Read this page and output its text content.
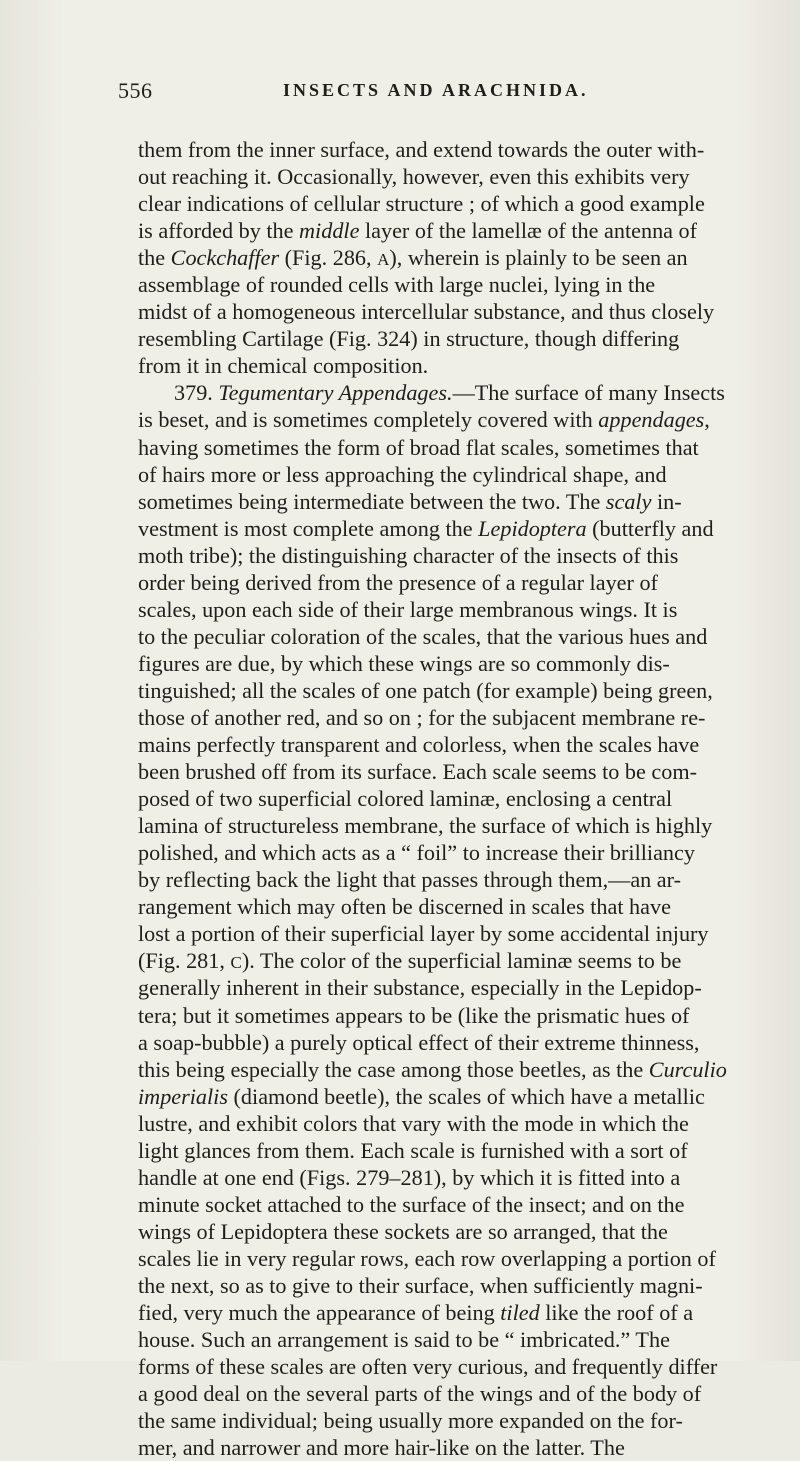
556	INSECTS AND ARACHNIDA.
them from the inner surface, and extend towards the outer with-
out reaching it. Occasionally, however, even this exhibits very
clear indications of cellular structure ; of which a good example
is afforded by the middle layer of the lamellæ of the antenna of
the Cockchaffer (Fig. 286, A), wherein is plainly to be seen an
assemblage of rounded cells with large nuclei, lying in the
midst of a homogeneous intercellular substance, and thus closely
resembling Cartilage (Fig. 324) in structure, though differing
from it in chemical composition.
379. Tegumentary Appendages.—The surface of many Insects
is beset, and is sometimes completely covered with appendages,
having sometimes the form of broad flat scales, sometimes that
of hairs more or less approaching the cylindrical shape, and
sometimes being intermediate between the two. The scaly in-
vestment is most complete among the Lepidoptera (butterfly and
moth tribe); the distinguishing character of the insects of this
order being derived from the presence of a regular layer of
scales, upon each side of their large membranous wings. It is
to the peculiar coloration of the scales, that the various hues and
figures are due, by which these wings are so commonly dis-
tinguished; all the scales of one patch (for example) being green,
those of another red, and so on ; for the subjacent membrane re-
mains perfectly transparent and colorless, when the scales have
been brushed off from its surface. Each scale seems to be com-
posed of two superficial colored laminæ, enclosing a central
lamina of structureless membrane, the surface of which is highly
polished, and which acts as a “ foil” to increase their brilliancy
by reflecting back the light that passes through them,—an ar-
rangement which may often be discerned in scales that have
lost a portion of their superficial layer by some accidental injury
(Fig. 281, C). The color of the superficial laminæ seems to be
generally inherent in their substance, especially in the Lepidop-
tera; but it sometimes appears to be (like the prismatic hues of
a soap-bubble) a purely optical effect of their extreme thinness,
this being especially the case among those beetles, as the Curculio
imperialis (diamond beetle), the scales of which have a metallic
lustre, and exhibit colors that vary with the mode in which the
light glances from them. Each scale is furnished with a sort of
handle at one end (Figs. 279–281), by which it is fitted into a
minute socket attached to the surface of the insect; and on the
wings of Lepidoptera these sockets are so arranged, that the
scales lie in very regular rows, each row overlapping a portion of
the next, so as to give to their surface, when sufficiently magni-
fied, very much the appearance of being tiled like the roof of a
house. Such an arrangement is said to be “ imbricated.” The
forms of these scales are often very curious, and frequently differ
a good deal on the several parts of the wings and of the body of
the same individual; being usually more expanded on the for-
mer, and narrower and more hair-like on the latter. The
